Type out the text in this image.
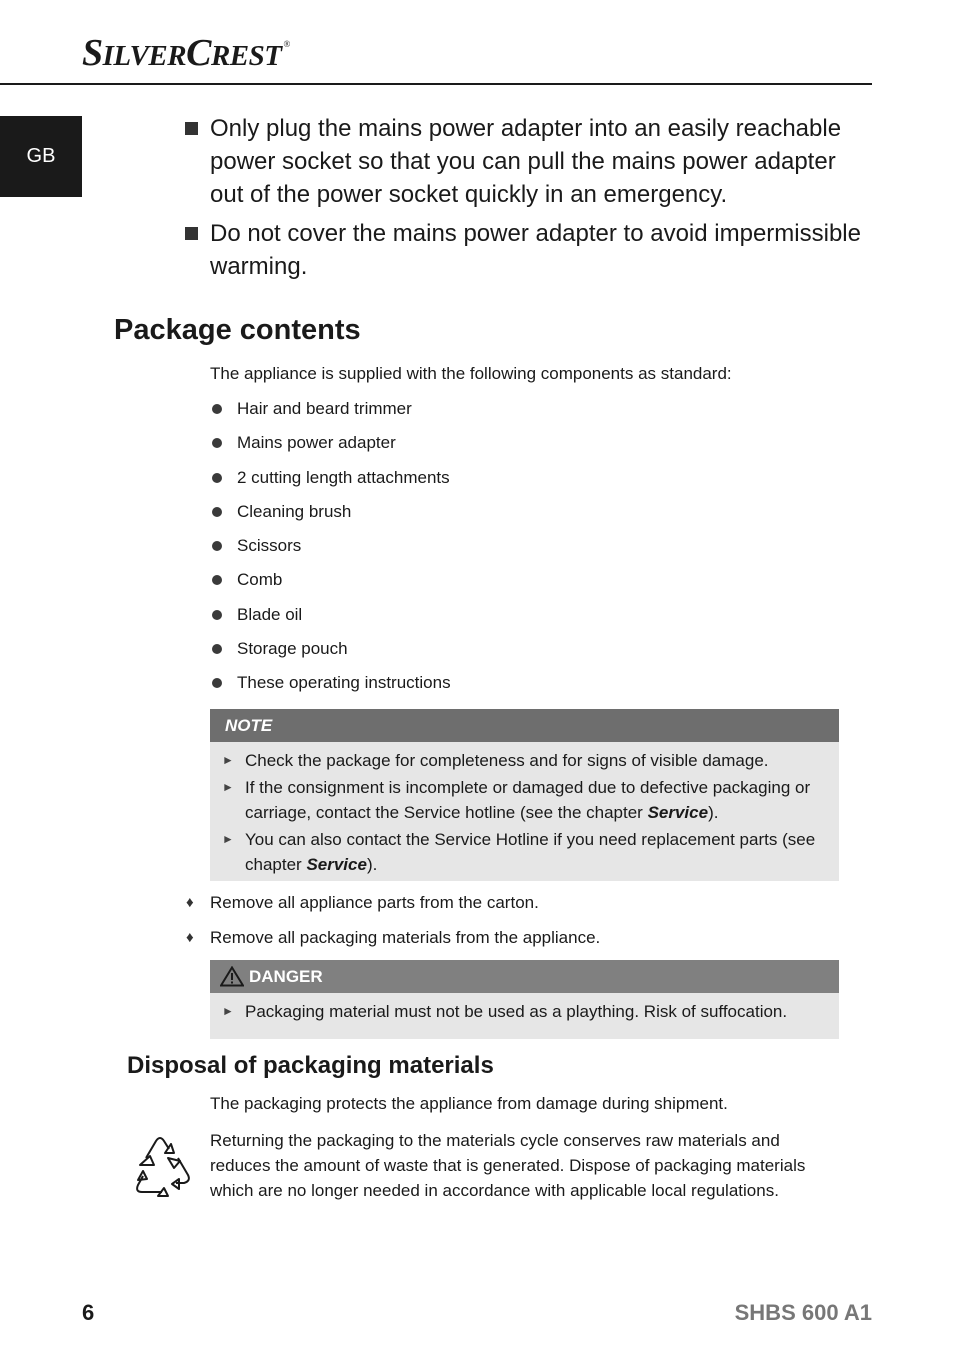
SILVERCREST ®
GB
Only plug the mains power adapter into an easily reachable power socket so that you can pull the mains power adapter out of the power socket quickly in an emergency.
Do not cover the mains power adapter to avoid impermissible warming.
Package contents

The appliance is supplied with the following components as standard:

Hair and beard trimmer
Mains power adapter
2 cutting length attachments
Cleaning brush
Scissors
Comb
Blade oil
Storage pouch
These operating instructions
NOTE
► Check the package for completeness and for signs of visible damage.
► If the consignment is incomplete or damaged due to defective packaging or carriage, contact the Service hotline (see the chapter Service).
► You can also contact the Service Hotline if you need replacement parts (see chapter Service).
♦ Remove all appliance parts from the carton.
♦ Remove all packaging materials from the appliance.
DANGER
► Packaging material must not be used as a plaything. Risk of suffocation.
Disposal of packaging materials

The packaging protects the appliance from damage during shipment.

Returning the packaging to the materials cycle conserves raw materials and reduces the amount of waste that is generated. Dispose of packaging materials which are no longer needed in accordance with applicable local regulations.

6	SHBS 600 A1
